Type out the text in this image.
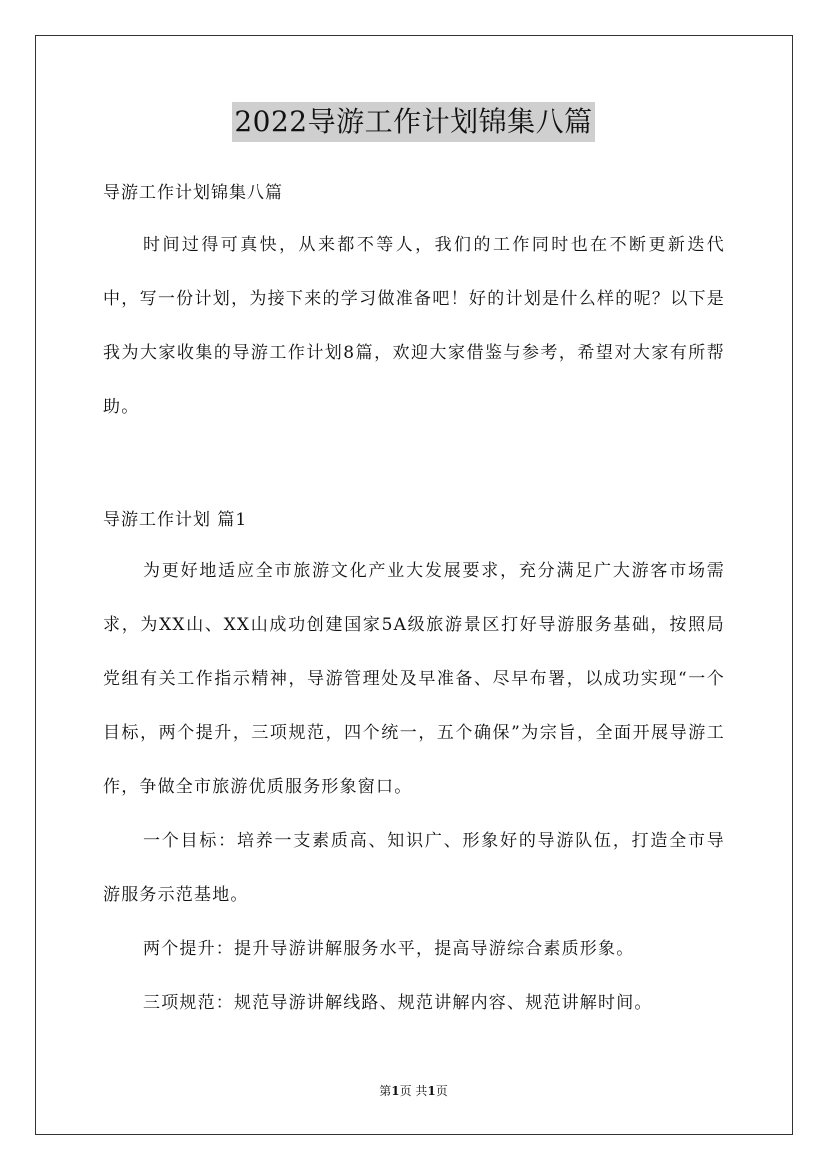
2022导游工作计划锦集八篇
导游工作计划锦集八篇

时间过得可真快，从来都不等人，我们的工作同时也在不断更新迭代中，写一份计划，为接下来的学习做准备吧！好的计划是什么样的呢？以下是我为大家收集的导游工作计划8篇，欢迎大家借鉴与参考，希望对大家有所帮助。

导游工作计划 篇1

为更好地适应全市旅游文化产业大发展要求，充分满足广大游客市场需求，为XX山、XX山成功创建国家5A级旅游景区打好导游服务基础，按照局党组有关工作指示精神，导游管理处及早准备、尽早布署，以成功实现“一个目标，两个提升，三项规范，四个统一，五个确保”为宗旨，全面开展导游工作，争做全市旅游优质服务形象窗口。

一个目标：培养一支素质高、知识广、形象好的导游队伍，打造全市导游服务示范基地。

两个提升：提升导游讲解服务水平，提高导游综合素质形象。

三项规范：规范导游讲解线路、规范讲解内容、规范讲解时间。

第1页 共1页
